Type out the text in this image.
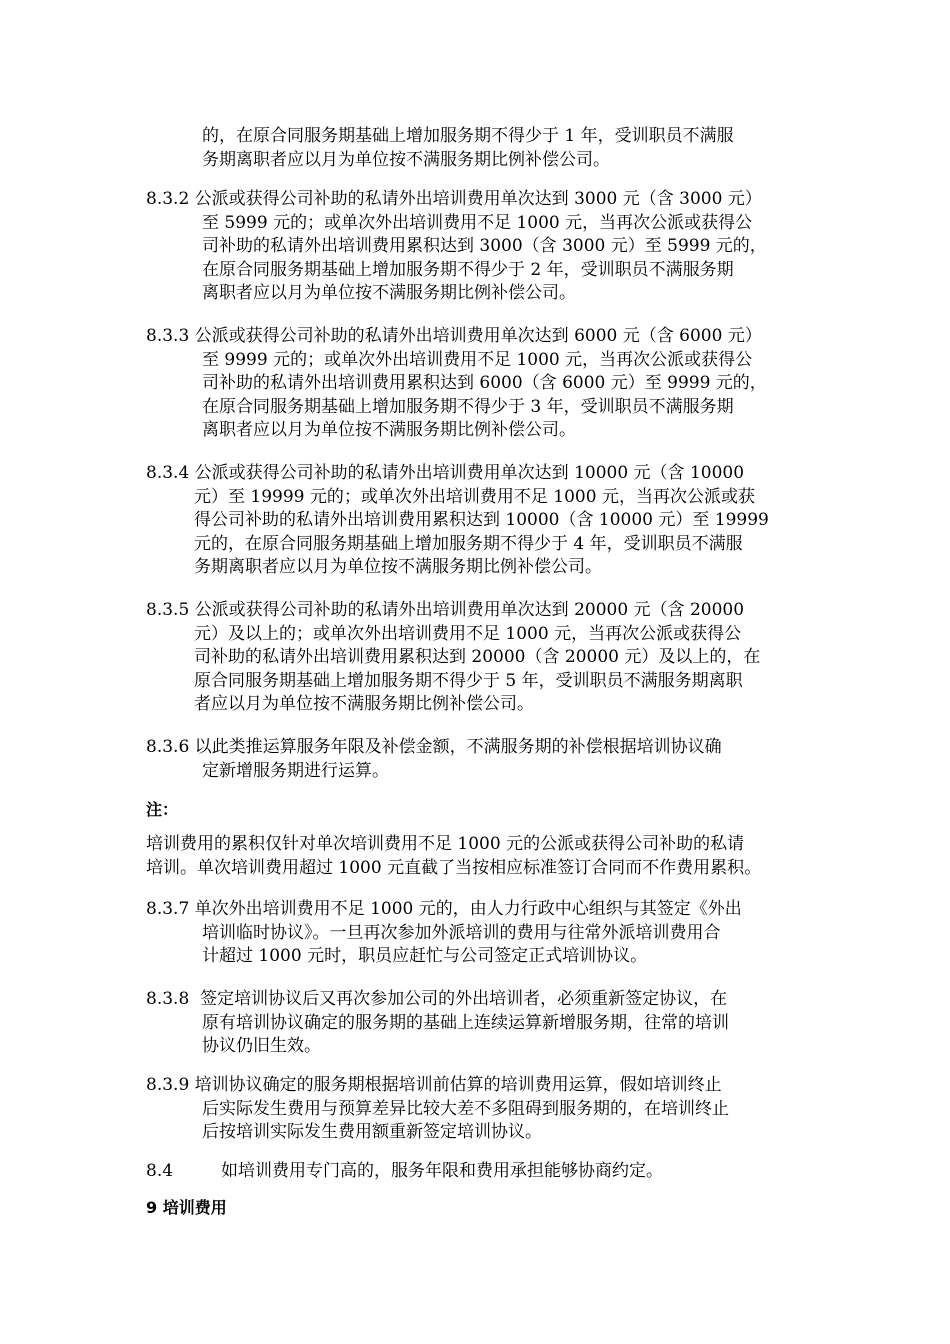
的，在原合同服务期基础上增加服务期不得少于 1 年，受训职员不满服
务期离职者应以月为单位按不满服务期比例补偿公司。
8.3.2 公派或获得公司补助的私请外出培训费用单次达到 3000 元（含 3000 元）
至 5999 元的；或单次外出培训费用不足 1000 元，当再次公派或获得公
司补助的私请外出培训费用累积达到 3000（含 3000 元）至 5999 元的，
在原合同服务期基础上增加服务期不得少于 2 年，受训职员不满服务期
离职者应以月为单位按不满服务期比例补偿公司。
8.3.3 公派或获得公司补助的私请外出培训费用单次达到 6000 元（含 6000 元）
至 9999 元的；或单次外出培训费用不足 1000 元，当再次公派或获得公
司补助的私请外出培训费用累积达到 6000（含 6000 元）至 9999 元的，
在原合同服务期基础上增加服务期不得少于 3 年，受训职员不满服务期
离职者应以月为单位按不满服务期比例补偿公司。
8.3.4 公派或获得公司补助的私请外出培训费用单次达到 10000 元（含 10000
元）至 19999 元的；或单次外出培训费用不足 1000 元，当再次公派或获
得公司补助的私请外出培训费用累积达到 10000（含 10000 元）至 19999
元的，在原合同服务期基础上增加服务期不得少于 4 年，受训职员不满服
务期离职者应以月为单位按不满服务期比例补偿公司。
8.3.5 公派或获得公司补助的私请外出培训费用单次达到 20000 元（含 20000
元）及以上的；或单次外出培训费用不足 1000 元，当再次公派或获得公
司补助的私请外出培训费用累积达到 20000（含 20000 元）及以上的，在
原合同服务期基础上增加服务期不得少于 5 年，受训职员不满服务期离职
者应以月为单位按不满服务期比例补偿公司。
8.3.6 以此类推运算服务年限及补偿金额，不满服务期的补偿根据培训协议确
定新增服务期进行运算。
注：
培训费用的累积仅针对单次培训费用不足 1000 元的公派或获得公司补助的私请
培训。单次培训费用超过 1000 元直截了当按相应标准签订合同而不作费用累积。
8.3.7 单次外出培训费用不足 1000 元的，由人力行政中心组织与其签定《外出
培训临时协议》。一旦再次参加外派培训的费用与往常外派培训费用合
计超过 1000 元时，职员应赶忙与公司签定正式培训协议。
8.3.8 签定培训协议后又再次参加公司的外出培训者，必须重新签定协议，在
原有培训协议确定的服务期的基础上连续运算新增服务期，往常的培训
协议仍旧生效。
8.3.9 培训协议确定的服务期根据培训前估算的培训费用运算，假如培训终止
后实际发生费用与预算差异比较大差不多阻碍到服务期的，在培训终止
后按培训实际发生费用额重新签定培训协议。
8.4	如培训费用专门高的，服务年限和费用承担能够协商约定。
9 培训费用
